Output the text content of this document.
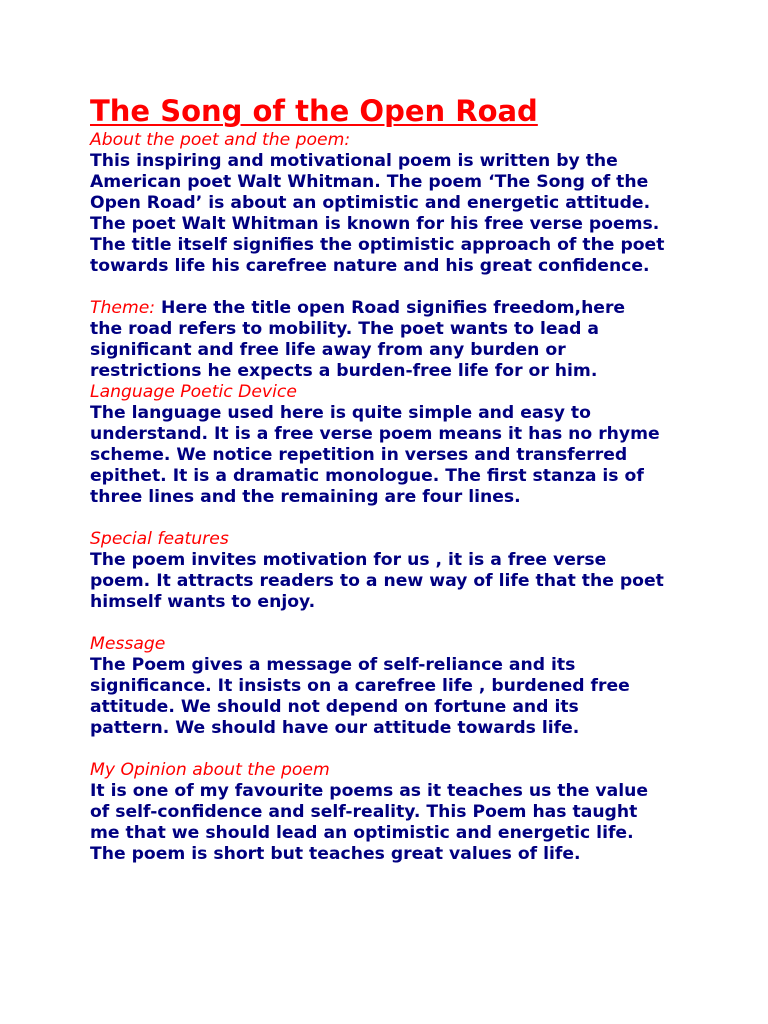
The Song of the Open Road

About the poet and the poem:

This inspiring and motivational poem is written by the
American poet Walt Whitman. The poem ‘The Song of the
Open Road’ is about an optimistic and energetic attitude.
The poet Walt Whitman is known for his free verse poems.
The title itself signifies the optimistic approach of the poet
towards life his carefree nature and his great confidence.

Theme: Here the title open Road signifies freedom,here
the road refers to mobility. The poet wants to lead a
significant and free life away from any burden or
restrictions he expects a burden-free life for or him.

Language Poetic Device

The language used here is quite simple and easy to
understand. It is a free verse poem means it has no rhyme
scheme. We notice repetition in verses and transferred
epithet. It is a dramatic monologue. The first stanza is of
three lines and the remaining are four lines.

Special features

The poem invites motivation for us , it is a free verse
poem. It attracts readers to a new way of life that the poet
himself wants to enjoy.

Message

The Poem gives a message of self-reliance and its
significance. It insists on a carefree life , burdened free
attitude. We should not depend on fortune and its
pattern. We should have our attitude towards life.

My Opinion about the poem

It is one of my favourite poems as it teaches us the value
of self-confidence and self-reality. This Poem has taught
me that we should lead an optimistic and energetic life.
The poem is short but teaches great values of life.
